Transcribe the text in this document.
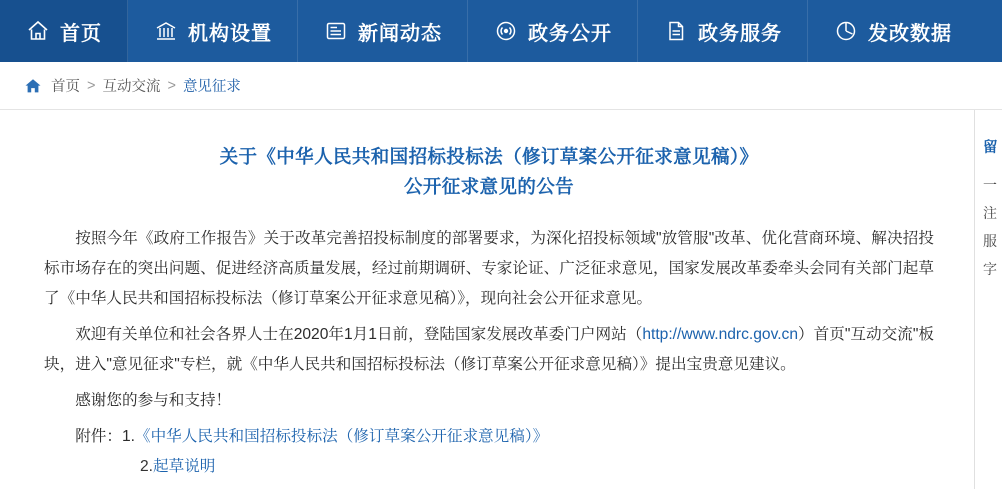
首页	机构设置	新闻动态	政务公开	政务服务	发改数据
首页 > 互动交流 > 意见征求
关于《中华人民共和国招标投标法（修订草案公开征求意见稿）》
公开征求意见的公告

按照今年《政府工作报告》关于改革完善招投标制度的部署要求，为深化招投标领域"放管服"改革、优化营商环境、解决招投标市场存在的突出问题、促进经济高质量发展，经过前期调研、专家论证、广泛征求意见，国家发展改革委牵头会同有关部门起草了《中华人民共和国招标投标法（修订草案公开征求意见稿）》，现向社会公开征求意见。

欢迎有关单位和社会各界人士在2020年1月1日前，登陆国家发展改革委门户网站（http://www.ndrc.gov.cn）首页"互动交流"板块，进入"意见征求"专栏，就《中华人民共和国招标投标法（修订草案公开征求意见稿）》提出宝贵意见建议。

感谢您的参与和支持！

附件：1.《中华人民共和国招标投标法（修订草案公开征求意见稿）》

2.起草说明

留
一
注
服
字
